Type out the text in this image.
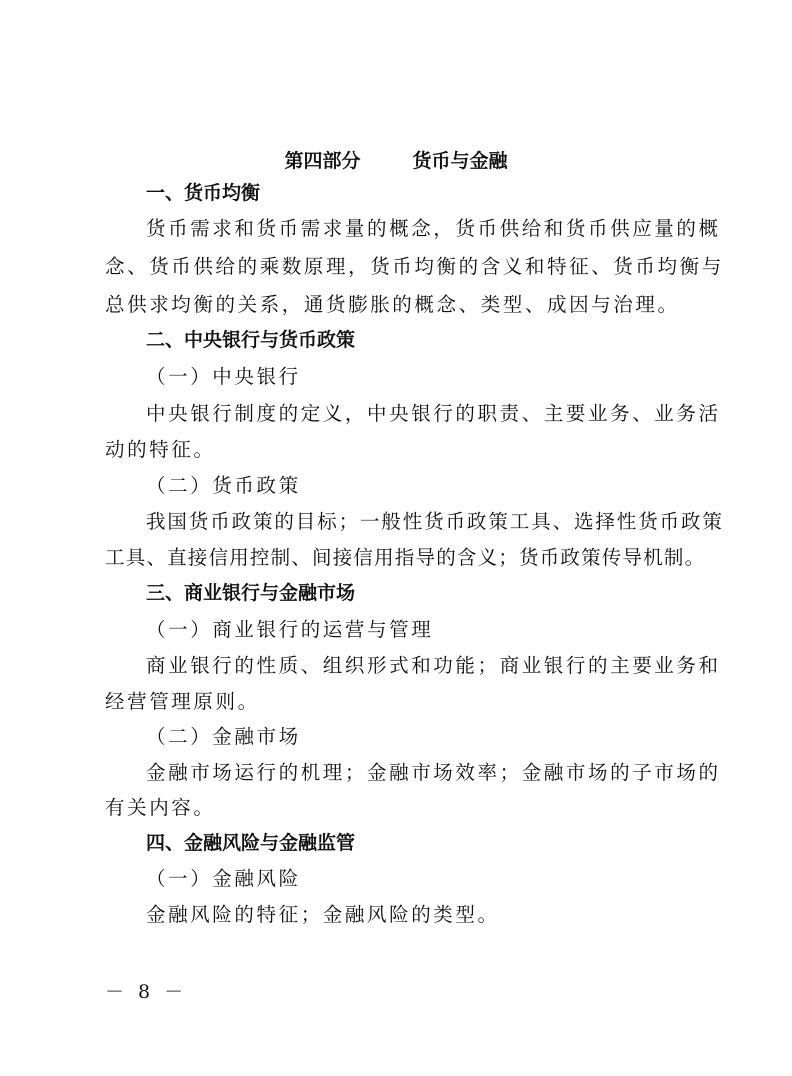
第四部分	货币与金融
一、货币均衡
货币需求和货币需求量的概念，货币供给和货币供应量的概
念、货币供给的乘数原理，货币均衡的含义和特征、货币均衡与
总供求均衡的关系，通货膨胀的概念、类型、成因与治理。
二、中央银行与货币政策
（一）中央银行
中央银行制度的定义，中央银行的职责、主要业务、业务活
动的特征。
（二）货币政策
我国货币政策的目标；一般性货币政策工具、选择性货币政策
工具、直接信用控制、间接信用指导的含义；货币政策传导机制。
三、商业银行与金融市场
（一）商业银行的运营与管理
商业银行的性质、组织形式和功能；商业银行的主要业务和
经营管理原则。
（二）金融市场
金融市场运行的机理；金融市场效率；金融市场的子市场的
有关内容。
四、金融风险与金融监管
（一）金融风险
金融风险的特征；金融风险的类型。
－ 8 －
